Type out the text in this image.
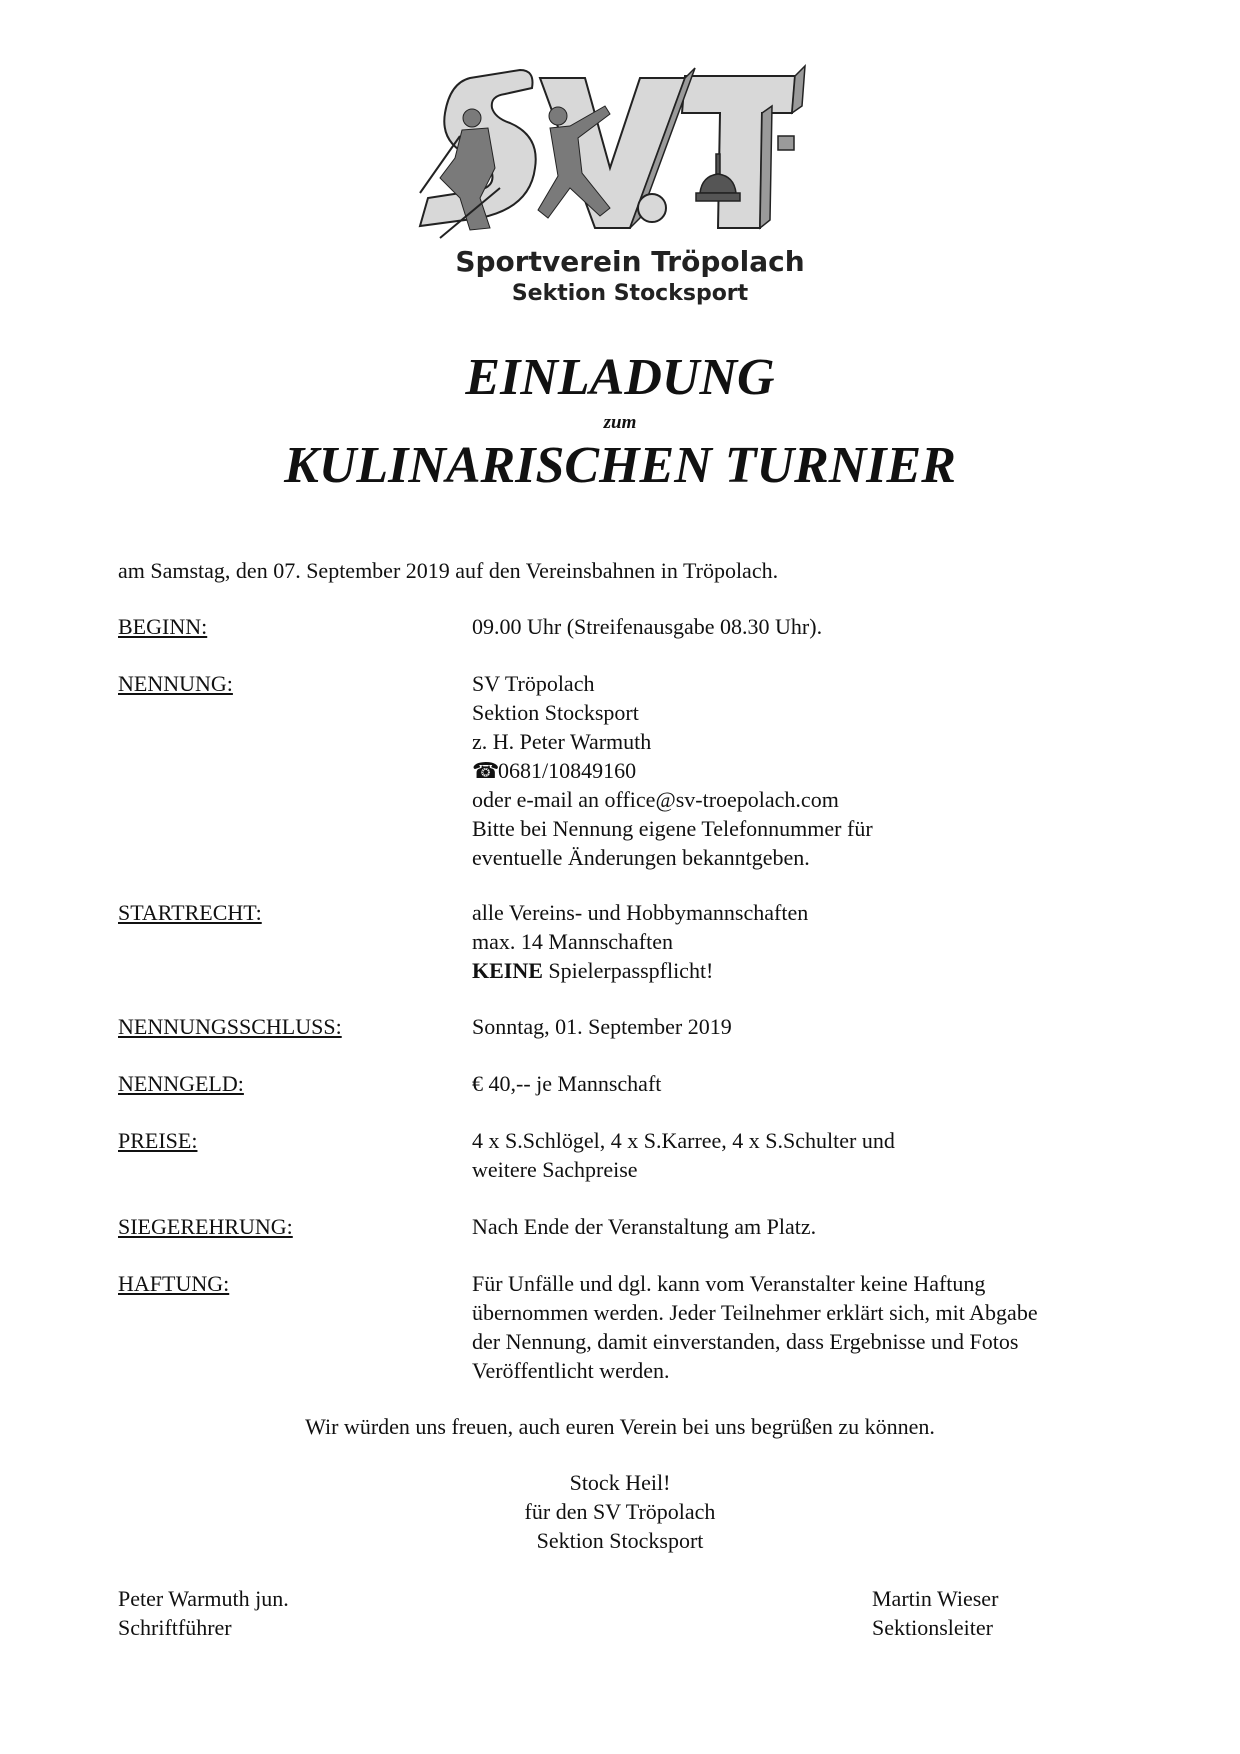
Sportverein Tröpolach
Sektion Stocksport
EINLADUNG
zum
KULINARISCHEN TURNIER
am Samstag, den 07. September 2019 auf den Vereinsbahnen in Tröpolach.
BEGINN:	09.00 Uhr (Streifenausgabe 08.30 Uhr).
NENNUNG:	SV Tröpolach
Sektion Stocksport
z. H. Peter Warmuth
☎0681/10849160
oder e-mail an office@sv-troepolach.com
Bitte bei Nennung eigene Telefonnummer für
eventuelle Änderungen bekanntgeben.
STARTRECHT:	alle Vereins- und Hobbymannschaften
max. 14 Mannschaften
KEINE Spielerpasspflicht!
NENNUNGSSCHLUSS:	Sonntag, 01. September 2019
NENNGELD:	€ 40,-- je Mannschaft
PREISE:	4 x S.Schlögel, 4 x S.Karree, 4 x S.Schulter und
weitere Sachpreise
SIEGEREHRUNG:	Nach Ende der Veranstaltung am Platz.
HAFTUNG:	Für Unfälle und dgl. kann vom Veranstalter keine Haftung
übernommen werden. Jeder Teilnehmer erklärt sich, mit Abgabe
der Nennung, damit einverstanden, dass Ergebnisse und Fotos
Veröffentlicht werden.
Wir würden uns freuen, auch euren Verein bei uns begrüßen zu können.
Stock Heil!
für den SV Tröpolach
Sektion Stocksport
Peter Warmuth jun.
Schriftführer
Martin Wieser
Sektionsleiter
